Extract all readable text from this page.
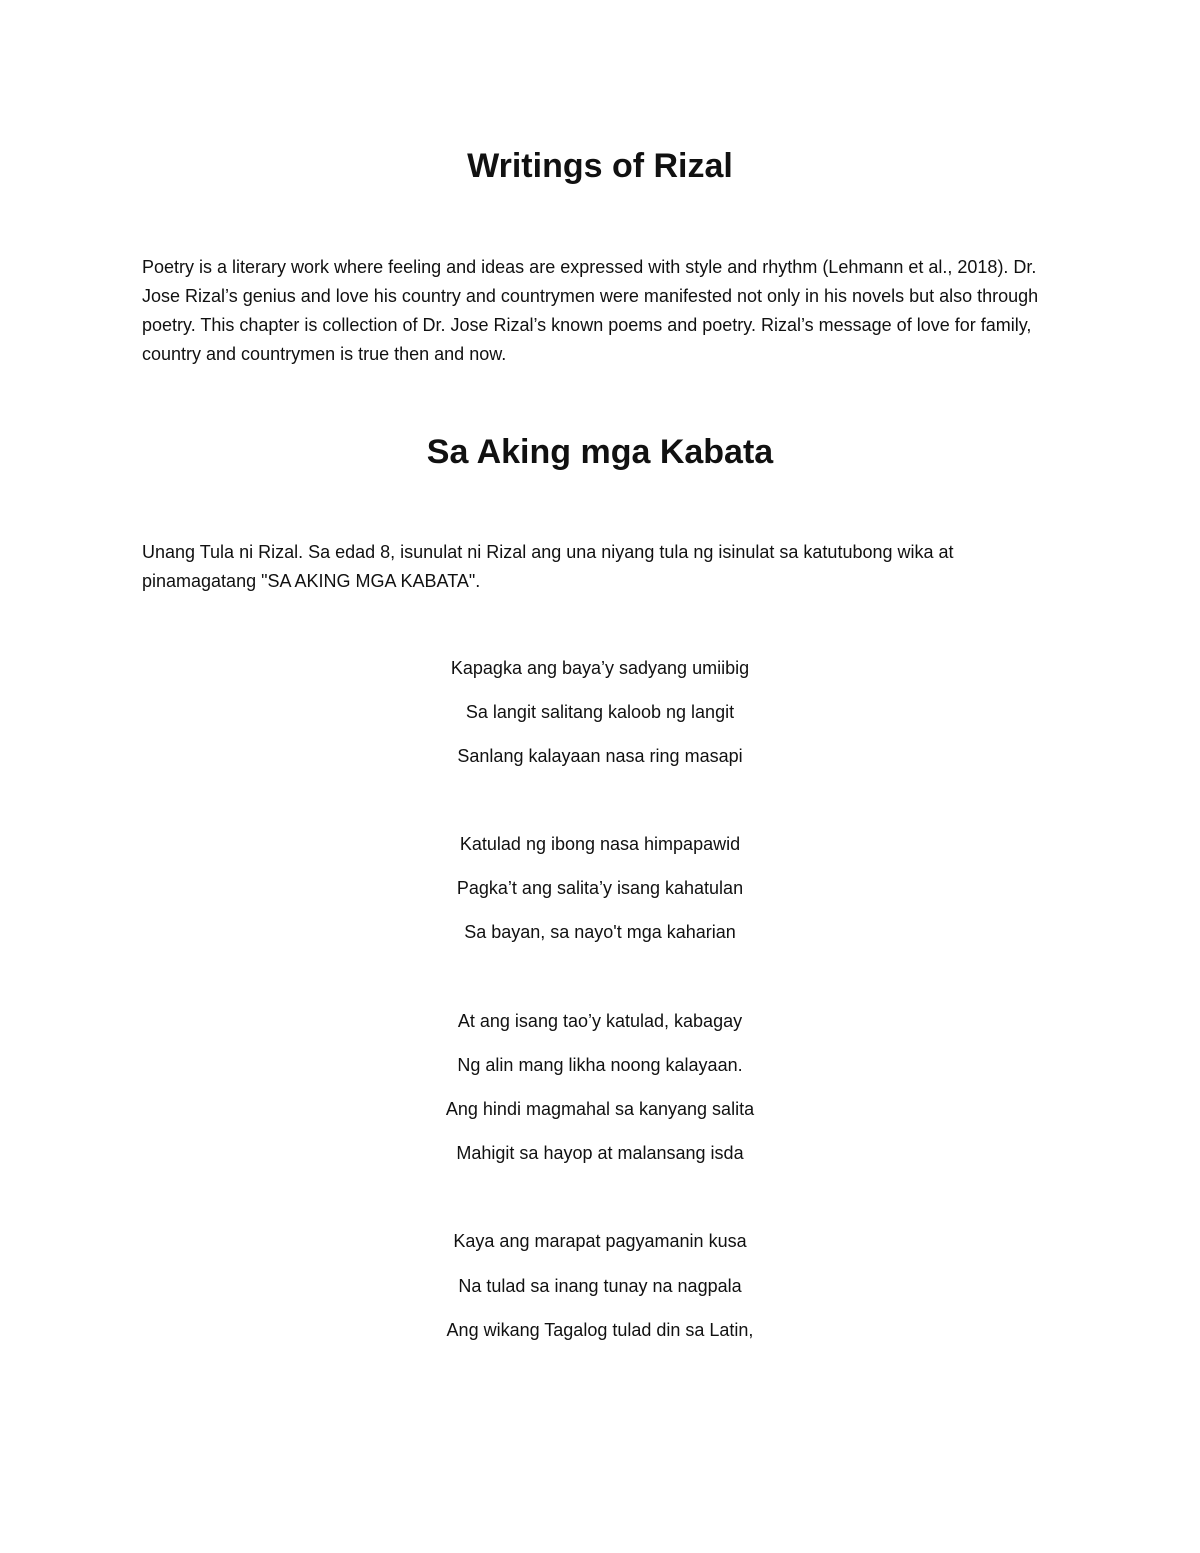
Writings of Rizal

Poetry is a literary work where feeling and ideas are expressed with style and rhythm (Lehmann et al., 2018). Dr. Jose Rizal’s genius and love his country and countrymen were manifested not only in his novels but also through poetry. This chapter is collection of Dr. Jose Rizal’s known poems and poetry. Rizal’s message of love for family, country and countrymen is true then and now.

Sa Aking mga Kabata

Unang Tula ni Rizal. Sa edad 8, isunulat ni Rizal ang una niyang tula ng isinulat sa katutubong wika at pinamagatang "SA AKING MGA KABATA".

Kapagka ang baya’y sadyang umiibig

Sa langit salitang kaloob ng langit

Sanlang kalayaan nasa ring masapi

Katulad ng ibong nasa himpapawid

Pagka’t ang salita’y isang kahatulan

Sa bayan, sa nayo't mga kaharian

At ang isang tao’y katulad, kabagay

Ng alin mang likha noong kalayaan.

Ang hindi magmahal sa kanyang salita

Mahigit sa hayop at malansang isda

Kaya ang marapat pagyamanin kusa

Na tulad sa inang tunay na nagpala

Ang wikang Tagalog tulad din sa Latin,
